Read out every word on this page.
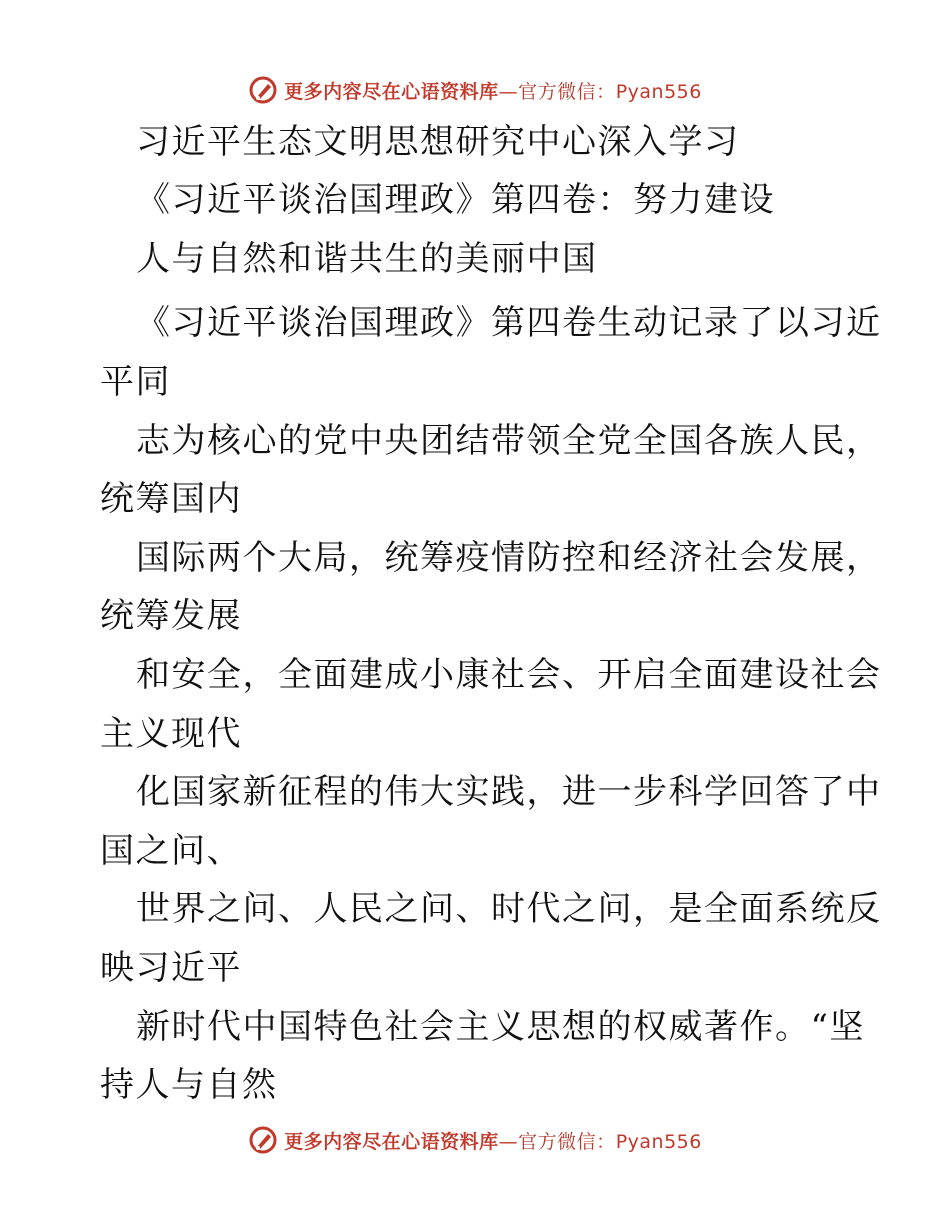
更多内容尽在心语资料库—官方微信：Pyan556
习近平生态文明思想研究中心深入学习
《习近平谈治国理政》第四卷：努力建设
人与自然和谐共生的美丽中国
《习近平谈治国理政》第四卷生动记录了以习近
平同
志为核心的党中央团结带领全党全国各族人民，
统筹国内
国际两个大局，统筹疫情防控和经济社会发展，
统筹发展
和安全，全面建成小康社会、开启全面建设社会
主义现代
化国家新征程的伟大实践，进一步科学回答了中
国之问、
世界之问、人民之问、时代之问，是全面系统反
映习近平
新时代中国特色社会主义思想的权威著作。“坚
持人与自然
更多内容尽在心语资料库—官方微信：Pyan556
